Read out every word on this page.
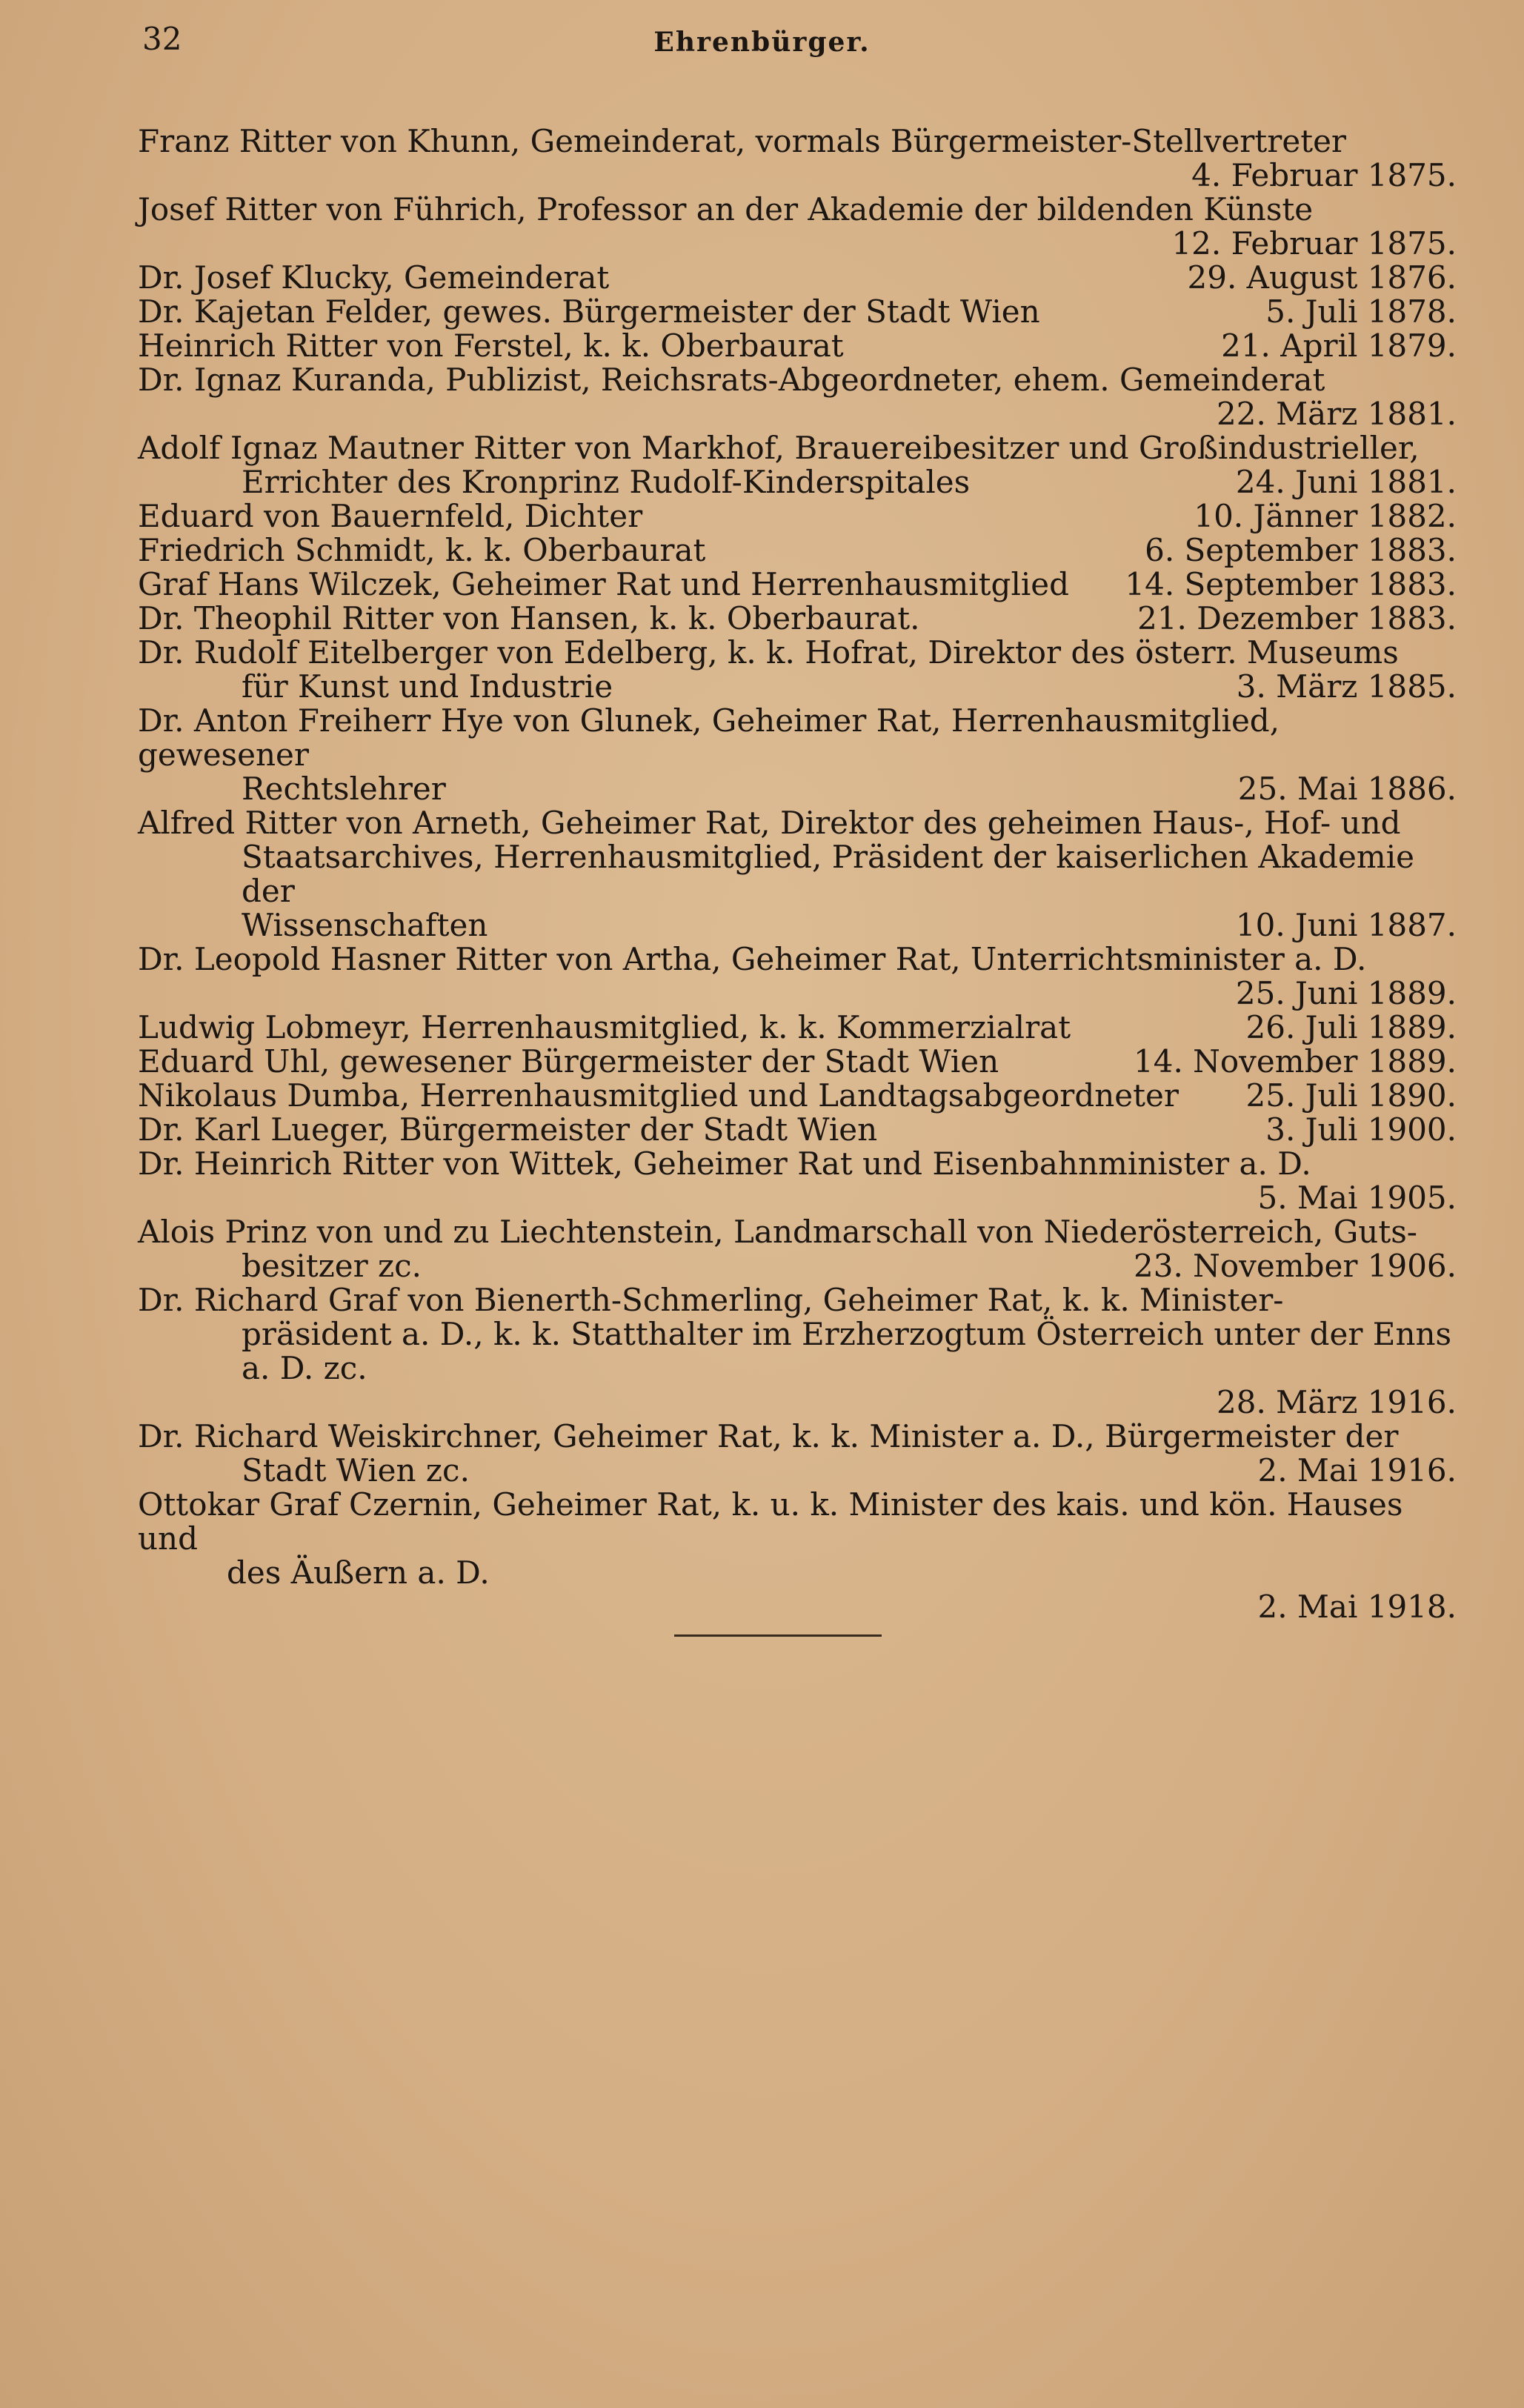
32	Ehrenbürger.
Franz Ritter von Khunn, Gemeinderat, vormals Bürgermeister-Stellvertreter
4. Februar 1875.
Josef Ritter von Führich, Professor an der Akademie der bildenden Künste
12. Februar 1875.
Dr. Josef Klucky, Gemeinderat	29. August 1876.
Dr. Kajetan Felder, gewes. Bürgermeister der Stadt Wien	5. Juli 1878.
Heinrich Ritter von Ferstel, k. k. Oberbaurat	21. April 1879.
Dr. Ignaz Kuranda, Publizist, Reichsrats-Abgeordneter, ehem. Gemeinderat
22. März 1881.
Adolf Ignaz Mautner Ritter von Markhof, Brauereibesitzer und Großindustrieller,
Errichter des Kronprinz Rudolf-Kinderspitales	24. Juni 1881.
Eduard von Bauernfeld, Dichter	10. Jänner 1882.
Friedrich Schmidt, k. k. Oberbaurat	6. September 1883.
Graf Hans Wilczek, Geheimer Rat und Herrenhausmitglied	14. September 1883.
Dr. Theophil Ritter von Hansen, k. k. Oberbaurat.	21. Dezember 1883.
Dr. Rudolf Eitelberger von Edelberg, k. k. Hofrat, Direktor des österr. Museums
für Kunst und Industrie	3. März 1885.
Dr. Anton Freiherr Hye von Glunek, Geheimer Rat, Herrenhausmitglied, gewesener
Rechtslehrer	25. Mai 1886.
Alfred Ritter von Arneth, Geheimer Rat, Direktor des geheimen Haus-, Hof- und
Staatsarchives, Herrenhausmitglied, Präsident der kaiserlichen Akademie der
Wissenschaften	10. Juni 1887.
Dr. Leopold Hasner Ritter von Artha, Geheimer Rat, Unterrichtsminister a. D.
25. Juni 1889.
Ludwig Lobmeyr, Herrenhausmitglied, k. k. Kommerzialrat	26. Juli 1889.
Eduard Uhl, gewesener Bürgermeister der Stadt Wien	14. November 1889.
Nikolaus Dumba, Herrenhausmitglied und Landtagsabgeordneter	25. Juli 1890.
Dr. Karl Lueger, Bürgermeister der Stadt Wien	3. Juli 1900.
Dr. Heinrich Ritter von Wittek, Geheimer Rat und Eisenbahnminister a. D.
5. Mai 1905.
Alois Prinz von und zu Liechtenstein, Landmarschall von Niederösterreich, Guts-
besitzer zc.	23. November 1906.
Dr. Richard Graf von Bienerth-Schmerling, Geheimer Rat, k. k. Minister-
präsident a. D., k. k. Statthalter im Erzherzogtum Österreich unter der Enns a. D. zc.
28. März 1916.
Dr. Richard Weiskirchner, Geheimer Rat, k. k. Minister a. D., Bürgermeister der
Stadt Wien zc.	2. Mai 1916.
Ottokar Graf Czernin, Geheimer Rat, k. u. k. Minister des kais. und kön. Hauses und
des Äußern a. D.
2. Mai 1918.
